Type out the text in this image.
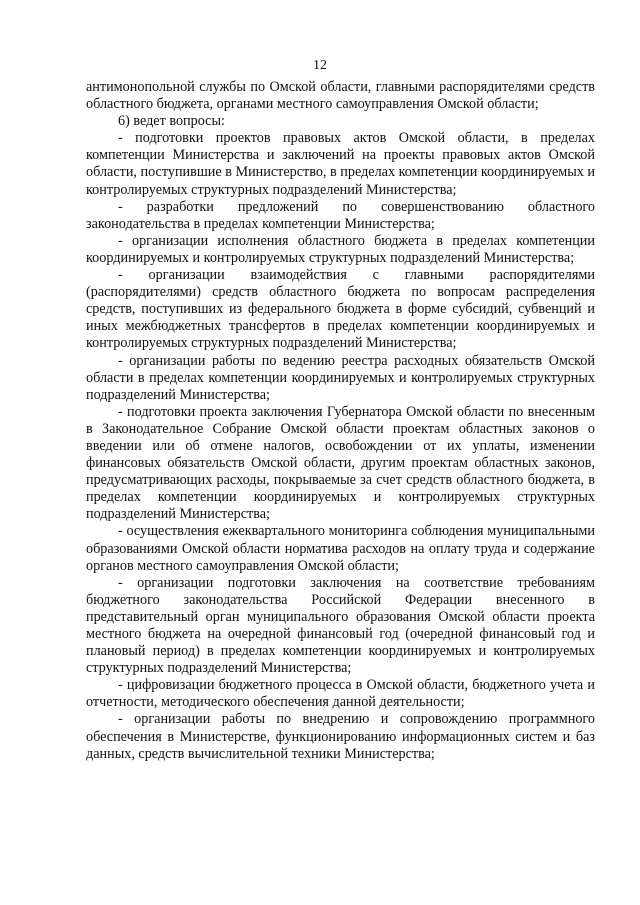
12

антимонопольной службы по Омской области, главными распорядителями средств областного бюджета, органами местного самоуправления Омской области;

6) ведет вопросы:

- подготовки проектов правовых актов Омской области, в пределах компетенции Министерства и заключений на проекты правовых актов Омской области, поступившие в Министерство, в пределах компетенции координируемых и контролируемых структурных подразделений Министерства;

- разработки предложений по совершенствованию областного законодательства в пределах компетенции Министерства;

- организации исполнения областного бюджета в пределах компетенции координируемых и контролируемых структурных подразделений Министерства;

- организации взаимодействия с главными распорядителями (распорядителями) средств областного бюджета по вопросам распределения средств, поступивших из федерального бюджета в форме субсидий, субвенций и иных межбюджетных трансфертов в пределах компетенции координируемых и контролируемых структурных подразделений Министерства;

- организации работы по ведению реестра расходных обязательств Омской области в пределах компетенции координируемых и контролируемых структурных подразделений Министерства;

- подготовки проекта заключения Губернатора Омской области по внесенным в Законодательное Собрание Омской области проектам областных законов о введении или об отмене налогов, освобождении от их уплаты, изменении финансовых обязательств Омской области, другим проектам областных законов, предусматривающих расходы, покрываемые за счет средств областного бюджета, в пределах компетенции координируемых и контролируемых структурных подразделений Министерства;

- осуществления ежеквартального мониторинга соблюдения муниципальными образованиями Омской области норматива расходов на оплату труда и содержание органов местного самоуправления Омской области;

- организации подготовки заключения на соответствие требованиям бюджетного законодательства Российской Федерации внесенного в представительный орган муниципального образования Омской области проекта местного бюджета на очередной финансовый год (очередной финансовый год и плановый период) в пределах компетенции координируемых и контролируемых структурных подразделений Министерства;

- цифровизации бюджетного процесса в Омской области, бюджетного учета и отчетности, методического обеспечения данной деятельности;

- организации работы по внедрению и сопровождению программного обеспечения в Министерстве, функционированию информационных систем и баз данных, средств вычислительной техники Министерства;
